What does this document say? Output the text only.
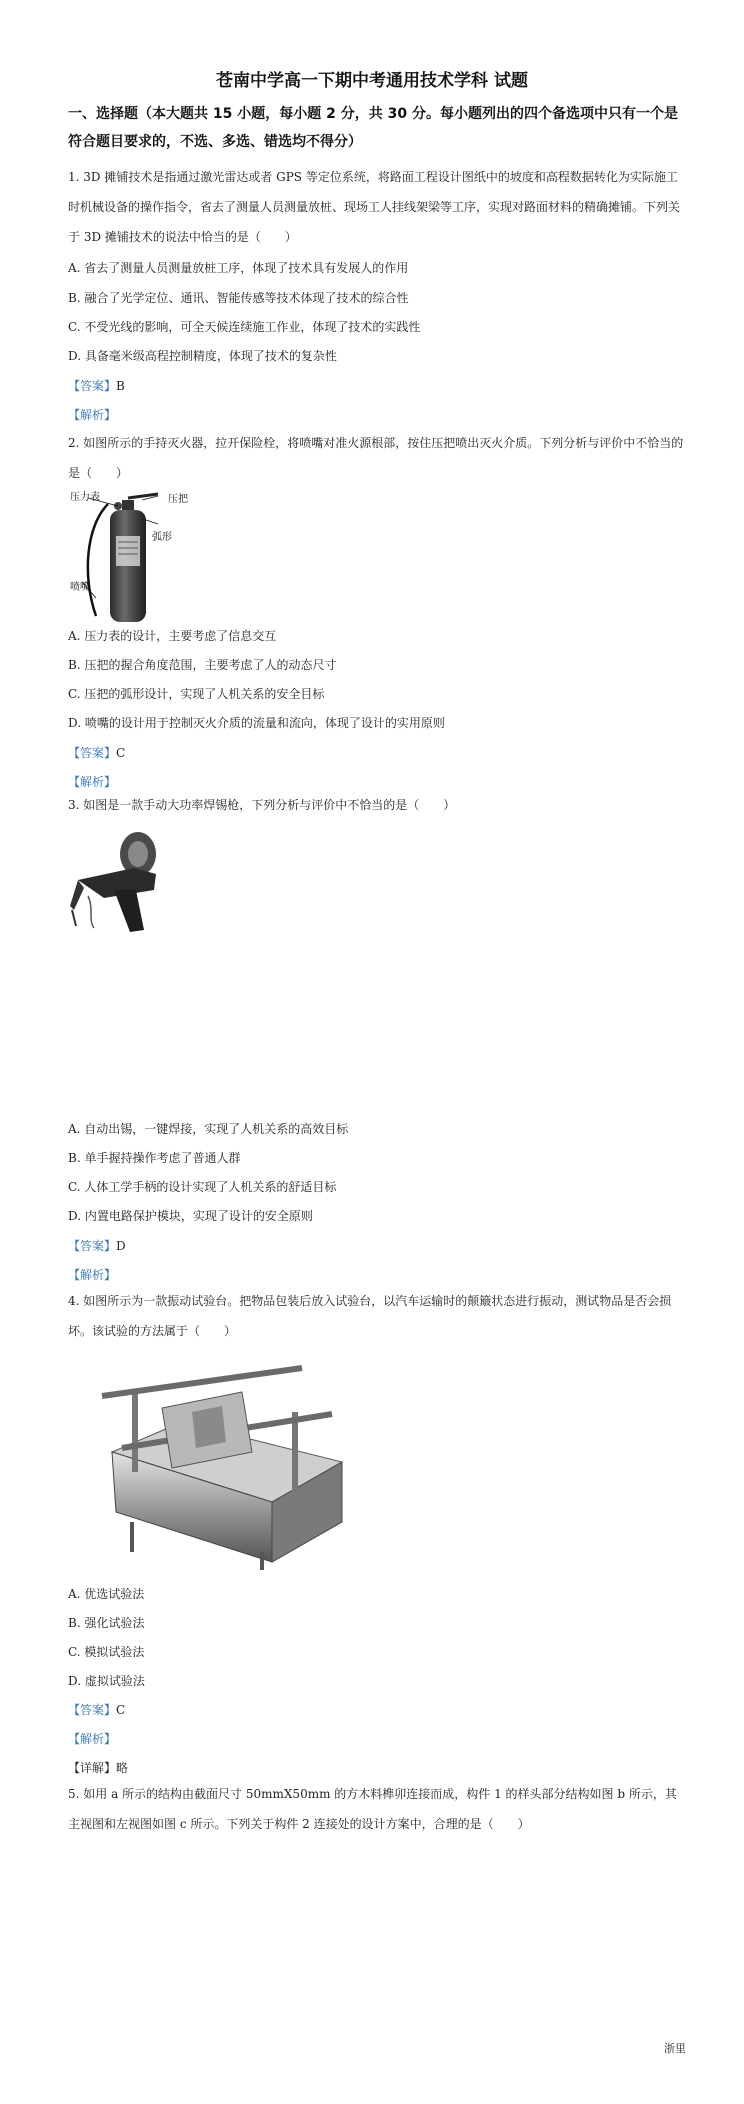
苍南中学高一下期中考通用技术学科 试题
一、选择题（本大题共 15 小题，每小题 2 分，共 30 分。每小题列出的四个备选项中只有一个是符合题目要求的，不选、多选、错选均不得分）
1. 3D 摊铺技术是指通过激光雷达或者 GPS 等定位系统，将路面工程设计图纸中的坡度和高程数据转化为实际施工时机械设备的操作指令，省去了测量人员测量放桩、现场工人挂线架梁等工序，实现对路面材料的精确摊铺。下列关于 3D 摊铺技术的说法中恰当的是（　　）
A. 省去了测量人员测量放桩工序，体现了技术具有发展人的作用
B. 融合了光学定位、通讯、智能传感等技术体现了技术的综合性
C. 不受光线的影响，可全天候连续施工作业，体现了技术的实践性
D. 具备毫米级高程控制精度，体现了技术的复杂性
【答案】B
【解析】
2. 如图所示的手持灭火器，拉开保险栓，将喷嘴对准火源根部，按住压把喷出灭火介质。下列分析与评价中不恰当的是（　　）
压力表	压把
弧形
喷嘴
A. 压力表的设计，主要考虑了信息交互
B. 压把的握合角度范围，主要考虑了人的动态尺寸
C. 压把的弧形设计，实现了人机关系的安全目标
D. 喷嘴的设计用于控制灭火介质的流量和流向，体现了设计的实用原则
【答案】C
【解析】
3. 如图是一款手动大功率焊锡枪，下列分析与评价中不恰当的是（　　）
A. 自动出锡，一键焊接，实现了人机关系的高效目标
B. 单手握持操作考虑了普通人群
C. 人体工学手柄的设计实现了人机关系的舒适目标
D. 内置电路保护模块，实现了设计的安全原则
【答案】D
【解析】
4. 如图所示为一款振动试验台。把物品包装后放入试验台，以汽车运输时的颠簸状态进行振动，测试物品是否会损坏。该试验的方法属于（　　）
A. 优选试验法
B. 强化试验法
C. 模拟试验法
D. 虚拟试验法
【答案】C
【解析】
【详解】略
5. 如用 a 所示的结构由截面尺寸 50mmX50mm 的方木料榫卯连接而成，构件 1 的样头部分结构如图 b 所示，其主视图和左视图如图 c 所示。下列关于构件 2 连接处的设计方案中，合理的是（　　）
浙里
